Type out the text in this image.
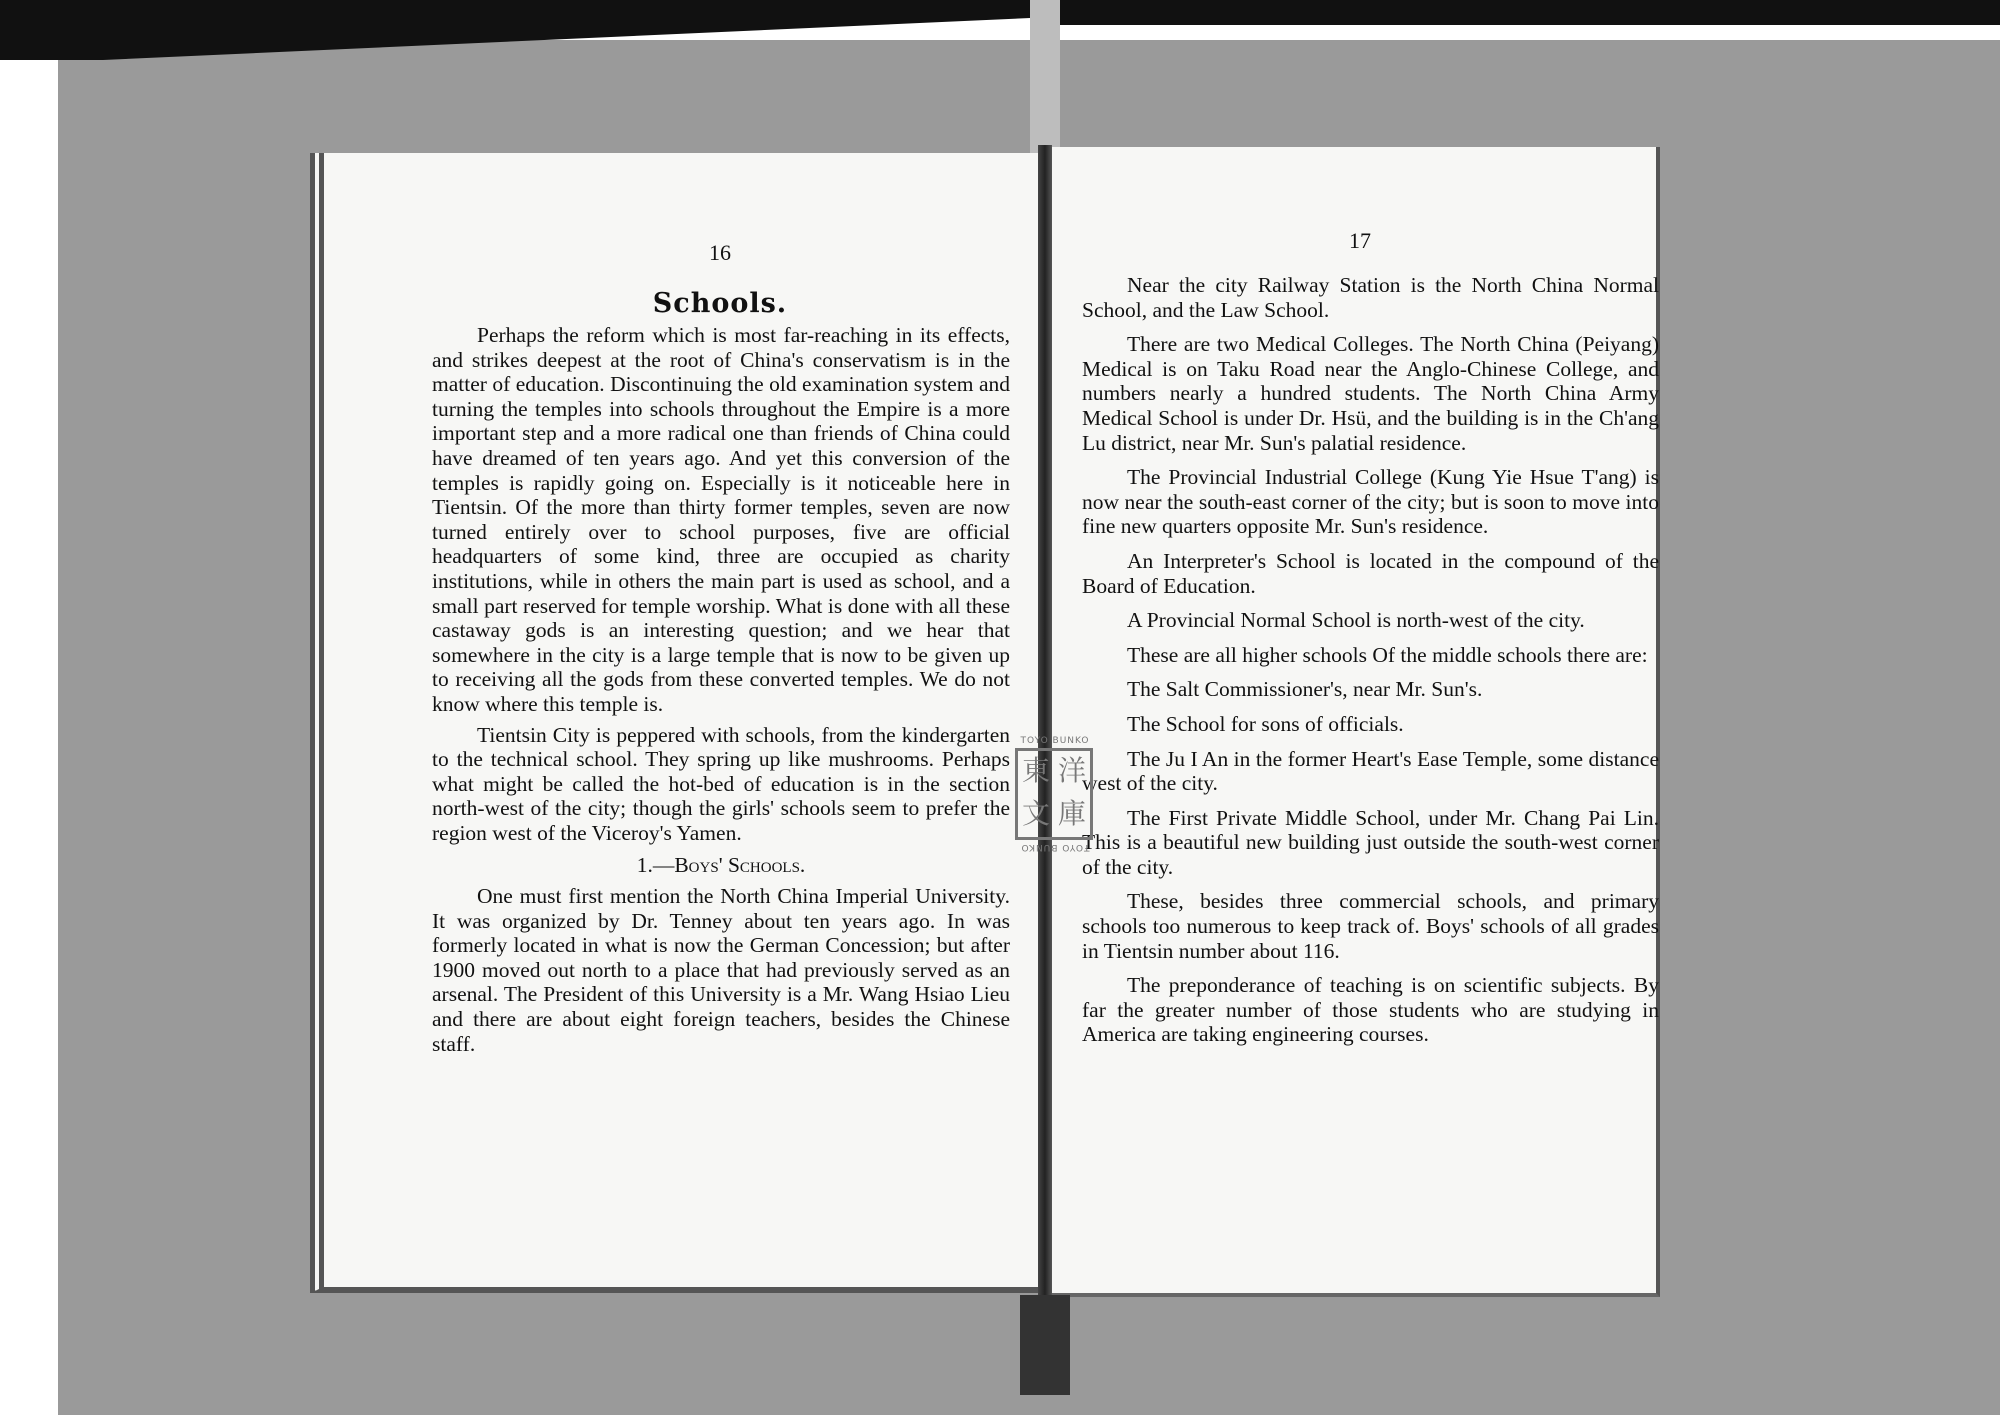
16
Schools.

Perhaps the reform which is most far-reaching in its effects, and strikes deepest at the root of China's conservatism is in the matter of education. Discontinuing the old examination system and turning the temples into schools throughout the Empire is a more important step and a more radical one than friends of China could have dreamed of ten years ago. And yet this conversion of the temples is rapidly going on. Especially is it noticeable here in Tientsin. Of the more than thirty former temples, seven are now turned entirely over to school purposes, five are official headquarters of some kind, three are occupied as charity institutions, while in others the main part is used as school, and a small part reserved for temple worship. What is done with all these castaway gods is an interesting question; and we hear that somewhere in the city is a large temple that is now to be given up to receiving all the gods from these converted temples. We do not know where this temple is.

Tientsin City is peppered with schools, from the kindergarten to the technical school. They spring up like mushrooms. Perhaps what might be called the hot-bed of education is in the section north-west of the city; though the girls' schools seem to prefer the region west of the Viceroy's Yamen.

1.—Boys' Schools.

One must first mention the North China Imperial University. It was organized by Dr. Tenney about ten years ago. In was formerly located in what is now the German Concession; but after 1900 moved out north to a place that had previously served as an arsenal. The President of this University is a Mr. Wang Hsiao Lieu and there are about eight foreign teachers, besides the Chinese staff.

17

Near the city Railway Station is the North China Normal School, and the Law School.

There are two Medical Colleges. The North China (Peiyang) Medical is on Taku Road near the Anglo-Chinese College, and numbers nearly a hundred students. The North China Army Medical School is under Dr. Hsü, and the building is in the Ch'ang Lu district, near Mr. Sun's palatial residence.

The Provincial Industrial College (Kung Yie Hsue T'ang) is now near the south-east corner of the city; but is soon to move into fine new quarters opposite Mr. Sun's residence.

An Interpreter's School is located in the compound of the Board of Education.

A Provincial Normal School is north-west of the city.

These are all higher schools Of the middle schools there are:

The Salt Commissioner's, near Mr. Sun's.

The School for sons of officials.

The Ju I An in the former Heart's Ease Temple, some distance west of the city.

The First Private Middle School, under Mr. Chang Pai Lin. This is a beautiful new building just outside the south-west corner of the city.

These, besides three commercial schools, and primary schools too numerous to keep track of. Boys' schools of all grades in Tientsin number about 116.

The preponderance of teaching is on scientific subjects. By far the greater number of those students who are studying in America are taking engineering courses.

TOYO BUNKO
東 洋
文 庫
TOYO BUNKO
